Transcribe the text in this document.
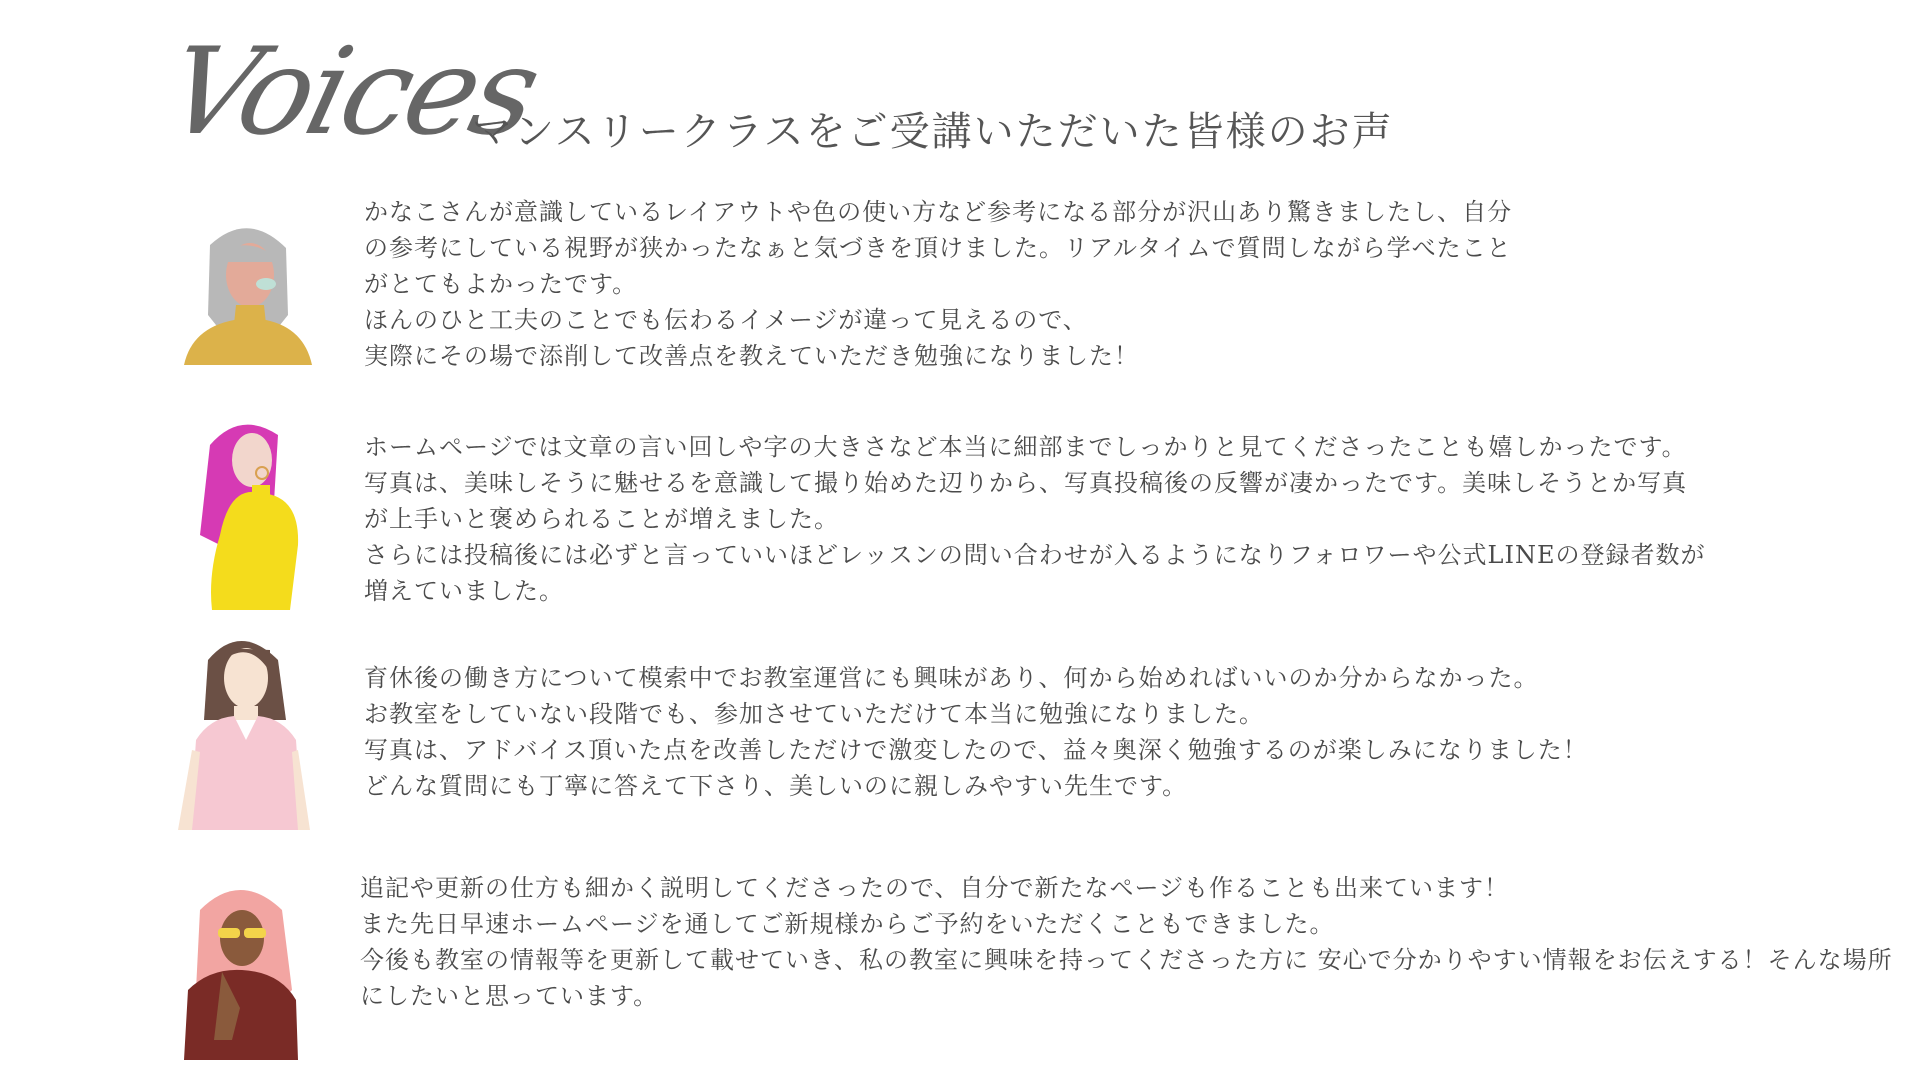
Voices
マンスリークラスをご受講いただいた皆様のお声
かなこさんが意識しているレイアウトや色の使い方など参考になる部分が沢山あり驚きましたし、自分
の参考にしている視野が狭かったなぁと気づきを頂けました。リアルタイムで質問しながら学べたこと
がとてもよかったです。
ほんのひと工夫のことでも伝わるイメージが違って見えるので、
実際にその場で添削して改善点を教えていただき勉強になりました！
ホームページでは文章の言い回しや字の大きさなど本当に細部までしっかりと見てくださったことも嬉しかったです。
写真は、美味しそうに魅せるを意識して撮り始めた辺りから、写真投稿後の反響が凄かったです。美味しそうとか写真
が上手いと褒められることが増えました。
さらには投稿後には必ずと言っていいほどレッスンの問い合わせが入るようになりフォロワーや公式LINEの登録者数が
増えていました。
育休後の働き方について模索中でお教室運営にも興味があり、何から始めればいいのか分からなかった。
お教室をしていない段階でも、参加させていただけて本当に勉強になりました。
写真は、アドバイス頂いた点を改善しただけで激変したので、益々奥深く勉強するのが楽しみになりました！
どんな質問にも丁寧に答えて下さり、美しいのに親しみやすい先生です。
追記や更新の仕方も細かく説明してくださったので、自分で新たなページも作ることも出来ています！
また先日早速ホームページを通してご新規様からご予約をいただくこともできました。
今後も教室の情報等を更新して載せていき、私の教室に興味を持ってくださった方に 安心で分かりやすい情報をお伝えする！そんな場所
にしたいと思っています。
